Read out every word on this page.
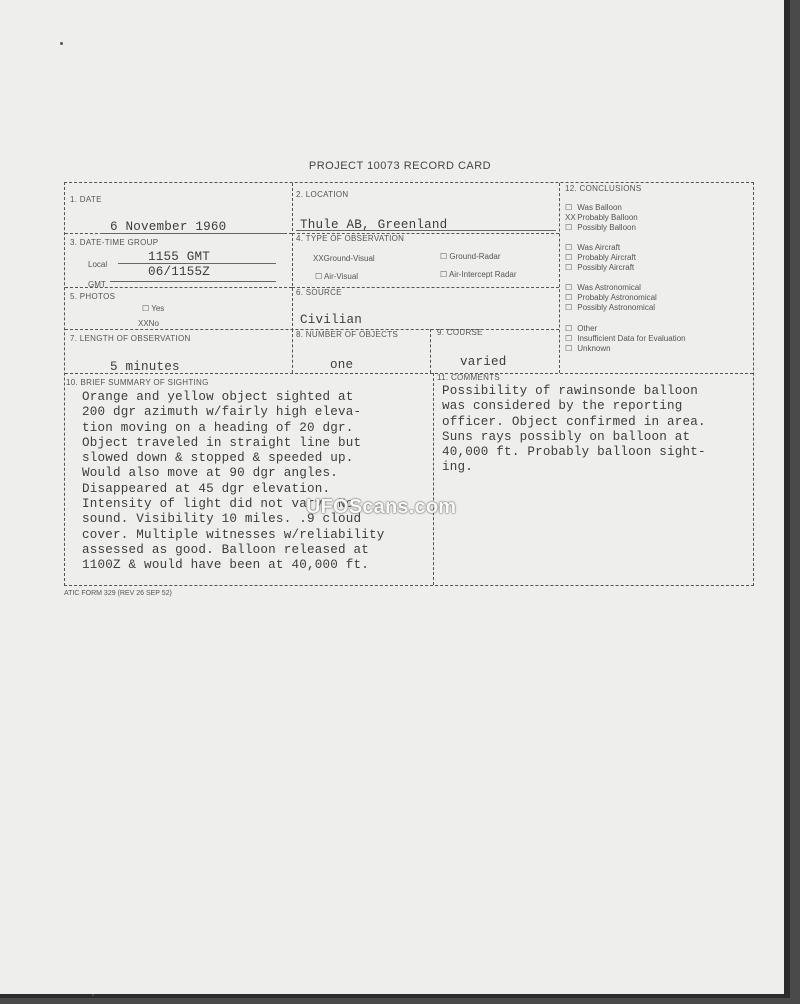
PROJECT 10073 RECORD CARD
1. DATE
6 November 1960
2. LOCATION
Thule AB, Greenland
3. DATE-TIME GROUP
Local
1155 GMT
GMT
06/1155Z
4. TYPE OF OBSERVATION
XXGround-Visual	☐ Ground-Radar
☐ Air-Visual	☐ Air-Intercept Radar
5. PHOTOS
☐ Yes
XXNo
6. SOURCE
Civilian
7. LENGTH OF OBSERVATION
5 minutes
8. NUMBER OF OBJECTS
one
9. COURSE
varied
10. BRIEF SUMMARY OF SIGHTING
Orange and yellow object sighted at
200 dgr azimuth w/fairly high eleva-
tion moving on a heading of 20 dgr.
Object traveled in straight line but
slowed down & stopped & speeded up.
Would also move at 90 dgr angles.
Disappeared at 45 dgr elevation.
Intensity of light did not vary. No
sound. Visibility 10 miles. .9 cloud
cover. Multiple witnesses w/reliability
assessed as good. Balloon released at
1100Z & would have been at 40,000 ft.
11. COMMENTS
Possibility of rawinsonde balloon
was considered by the reporting
officer. Object confirmed in area.
Suns rays possibly on balloon at
40,000 ft. Probably balloon sight-
ing.
12. CONCLUSIONS
☐ Was Balloon
XX Probably Balloon
☐ Possibly Balloon
☐ Was Aircraft
☐ Probably Aircraft
☐ Possibly Aircraft
☐ Was Astronomical
☐ Probably Astronomical
☐ Possibly Astronomical
☐ Other
☐ Insufficient Data for Evaluation
☐ Unknown
UFOScans.com
ATIC FORM 329 (REV 26 SEP 52)
